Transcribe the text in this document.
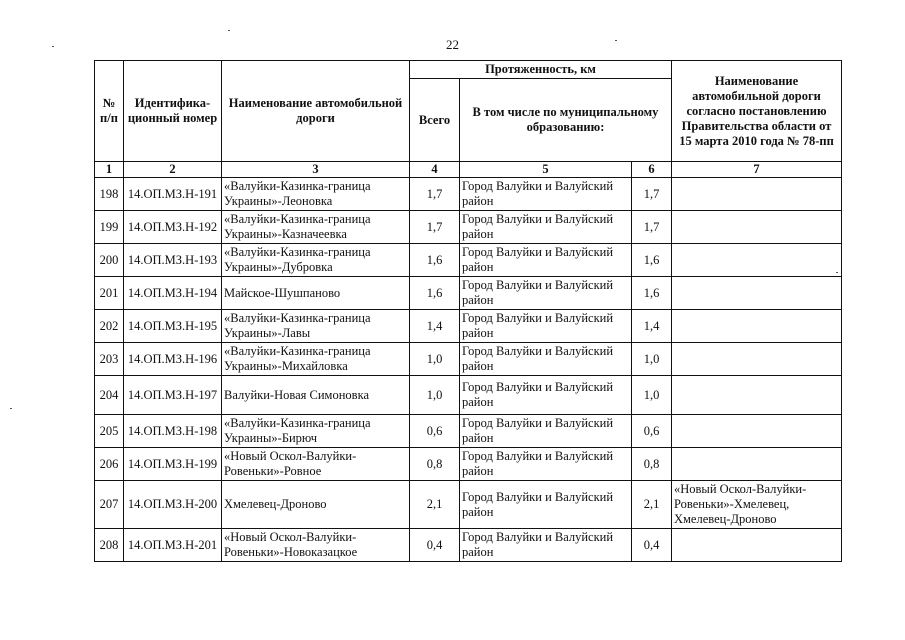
22
№ п/п	Идентифика-ционный номер	Наименование автомобильной дороги	Протяженность, км			Наименование автомобильной дороги согласно постановлению Правительства области от 15 марта 2010 года № 78-пп
			Всего	В том числе по муниципальному образованию:		
1	2	3	4	5	6	7
198	14.ОП.МЗ.Н-191	«Валуйки-Казинка-граница Украины»-Леоновка	1,7	Город Валуйки и Валуйский район	1,7	
199	14.ОП.МЗ.Н-192	«Валуйки-Казинка-граница Украины»-Казначеевка	1,7	Город Валуйки и Валуйский район	1,7	
200	14.ОП.МЗ.Н-193	«Валуйки-Казинка-граница Украины»-Дубровка	1,6	Город Валуйки и Валуйский район	1,6	
201	14.ОП.МЗ.Н-194	Майское-Шушпаново	1,6	Город Валуйки и Валуйский район	1,6	
202	14.ОП.МЗ.Н-195	«Валуйки-Казинка-граница Украины»-Лавы	1,4	Город Валуйки и Валуйский район	1,4	
203	14.ОП.МЗ.Н-196	«Валуйки-Казинка-граница Украины»-Михайловка	1,0	Город Валуйки и Валуйский район	1,0	
204	14.ОП.МЗ.Н-197	Валуйки-Новая Симоновка	1,0	Город Валуйки и Валуйский район	1,0	
205	14.ОП.МЗ.Н-198	«Валуйки-Казинка-граница Украины»-Бирюч	0,6	Город Валуйки и Валуйский район	0,6	
206	14.ОП.МЗ.Н-199	«Новый Оскол-Валуйки-Ровеньки»-Ровное	0,8	Город Валуйки и Валуйский район	0,8	
207	14.ОП.МЗ.Н-200	Хмелевец-Дроново	2,1	Город Валуйки и Валуйский район	2,1	«Новый Оскол-Валуйки-Ровеньки»-Хмелевец, Хмелевец-Дроново
208	14.ОП.МЗ.Н-201	«Новый Оскол-Валуйки-Ровеньки»-Новоказацкое	0,4	Город Валуйки и Валуйский район	0,4	
